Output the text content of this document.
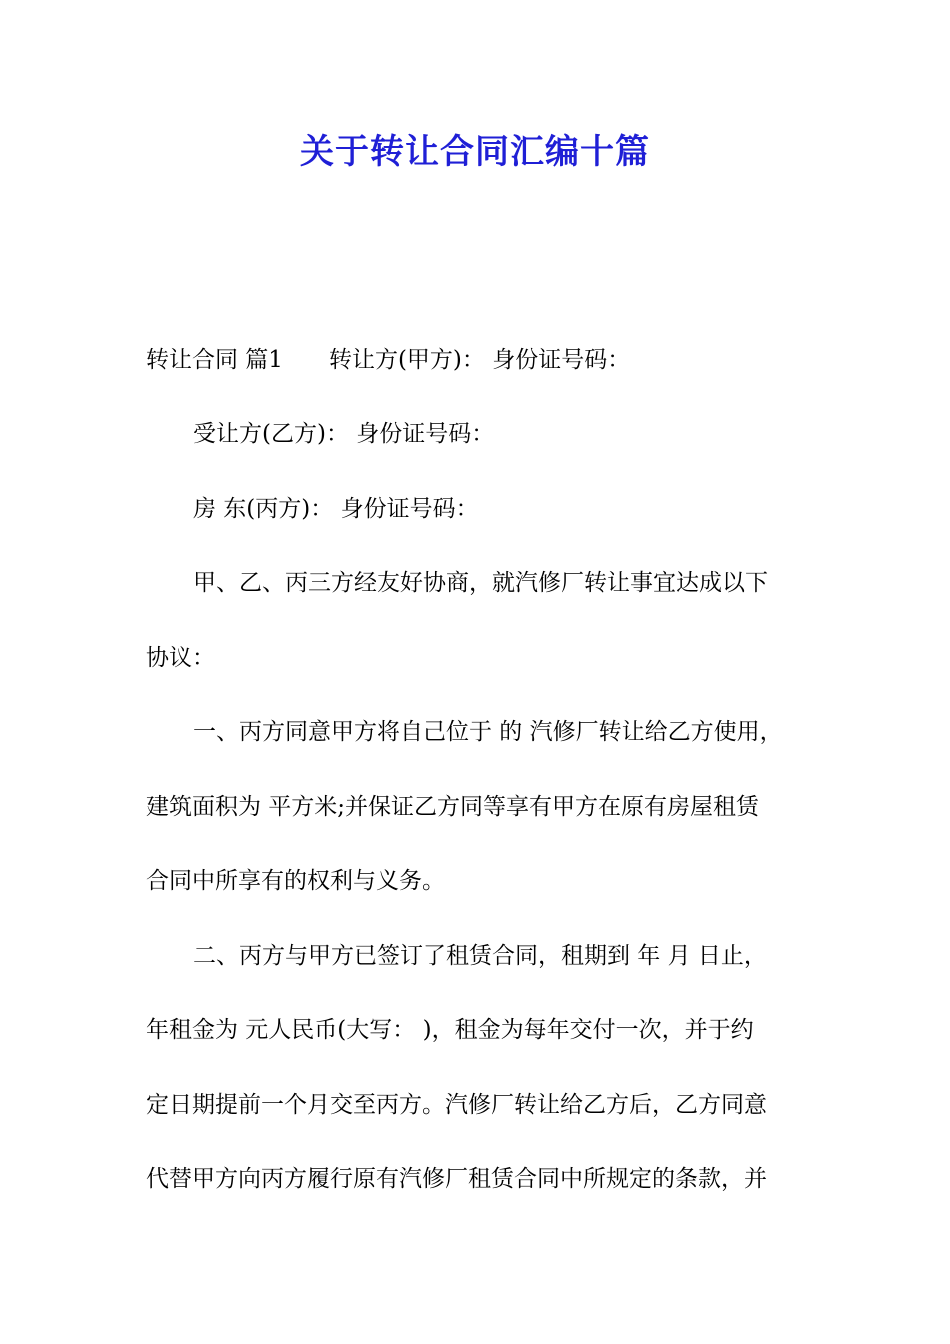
关于转让合同汇编十篇
转让合同 篇1　　转让方(甲方)： 身份证号码：
受让方(乙方)： 身份证号码：
房 东(丙方)： 身份证号码：
甲、乙、丙三方经友好协商，就汽修厂转让事宜达成以下
协议：
一、丙方同意甲方将自己位于 的 汽修厂转让给乙方使用，
建筑面积为 平方米;并保证乙方同等享有甲方在原有房屋租赁
合同中所享有的权利与义务。
二、丙方与甲方已签订了租赁合同，租期到 年 月 日止，
年租金为 元人民币(大写： )，租金为每年交付一次，并于约
定日期提前一个月交至丙方。汽修厂转让给乙方后，乙方同意
代替甲方向丙方履行原有汽修厂租赁合同中所规定的条款，并
